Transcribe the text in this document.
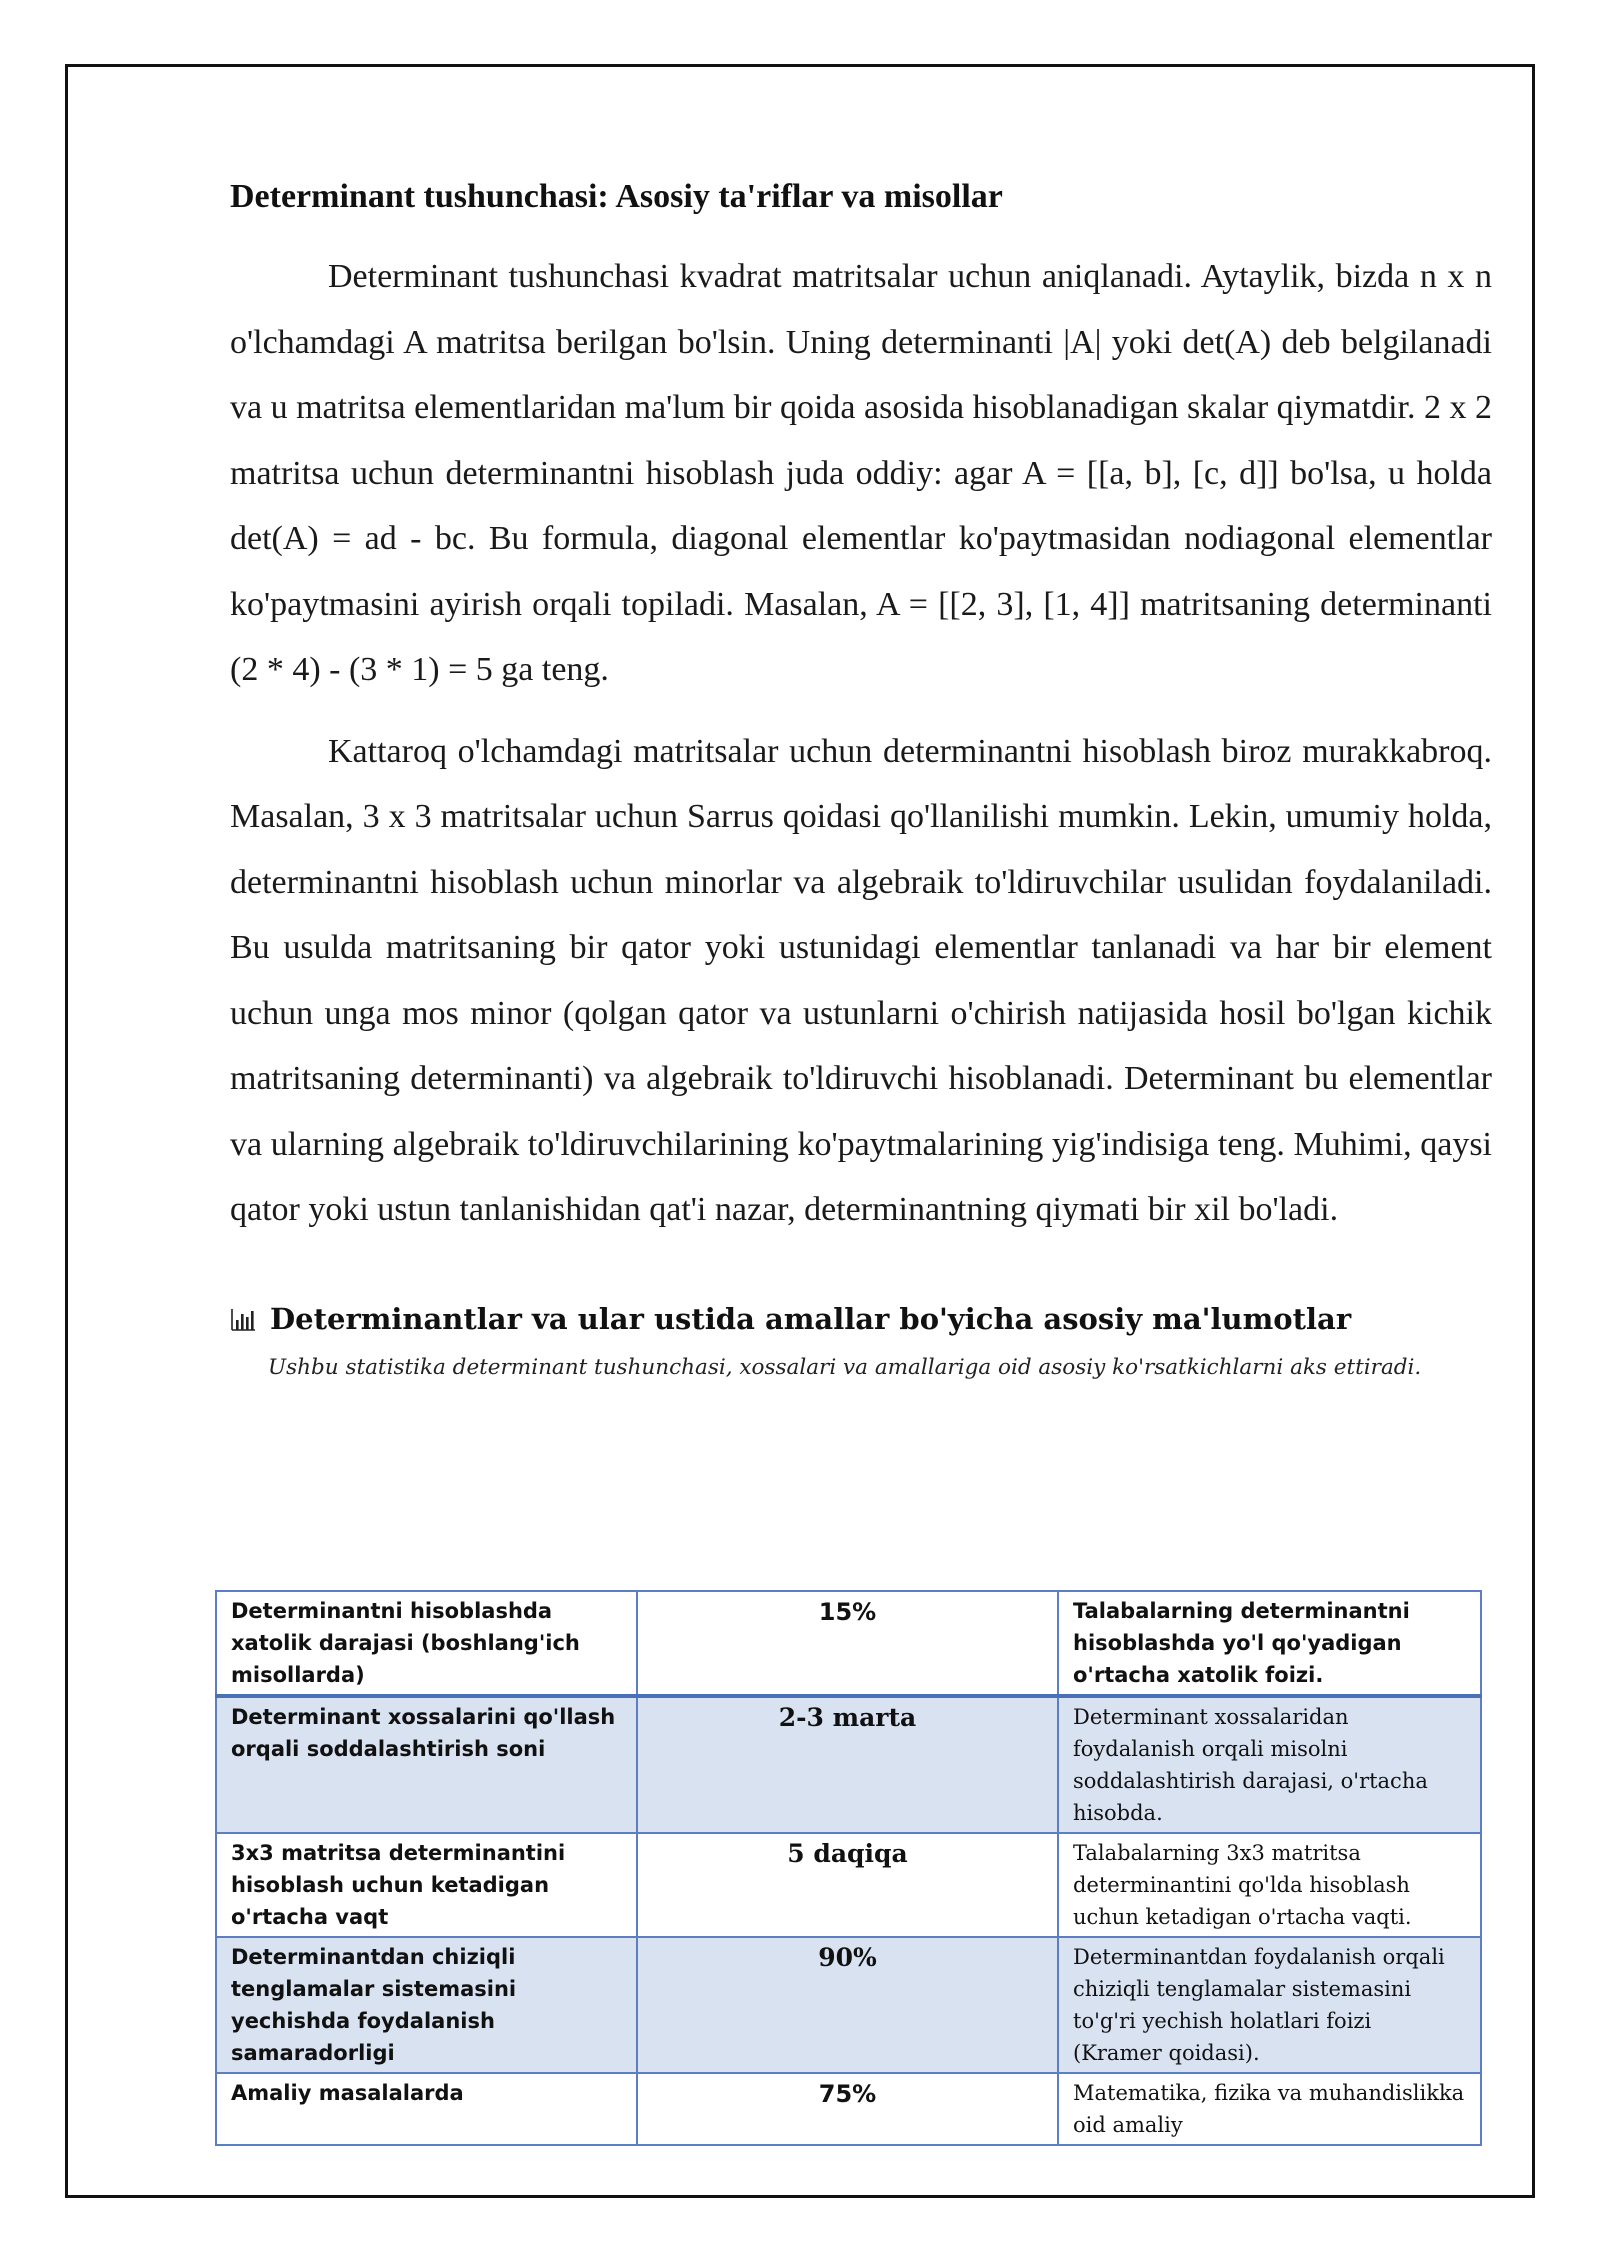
Determinant tushunchasi: Asosiy ta'riflar va misollar

Determinant tushunchasi kvadrat matritsalar uchun aniqlanadi. Aytaylik, bizda n x n o'lchamdagi A matritsa berilgan bo'lsin. Uning determinanti |A| yoki det(A) deb belgilanadi va u matritsa elementlaridan ma'lum bir qoida asosida hisoblanadigan skalar qiymatdir. 2 x 2 matritsa uchun determinantni hisoblash juda oddiy: agar A = [[a, b], [c, d]] bo'lsa, u holda det(A) = ad - bc. Bu formula, diagonal elementlar ko'paytmasidan nodiagonal elementlar ko'paytmasini ayirish orqali topiladi. Masalan, A = [[2, 3], [1, 4]] matritsaning determinanti (2 * 4) - (3 * 1) = 5 ga teng.

Kattaroq o'lchamdagi matritsalar uchun determinantni hisoblash biroz murakkabroq. Masalan, 3 x 3 matritsalar uchun Sarrus qoidasi qo'llanilishi mumkin. Lekin, umumiy holda, determinantni hisoblash uchun minorlar va algebraik to'ldiruvchilar usulidan foydalaniladi. Bu usulda matritsaning bir qator yoki ustunidagi elementlar tanlanadi va har bir element uchun unga mos minor (qolgan qator va ustunlarni o'chirish natijasida hosil bo'lgan kichik matritsaning determinanti) va algebraik to'ldiruvchi hisoblanadi. Determinant bu elementlar va ularning algebraik to'ldiruvchilarining ko'paytmalarining yig'indisiga teng. Muhimi, qaysi qator yoki ustun tanlanishidan qat'i nazar, determinantning qiymati bir xil bo'ladi.

Determinantlar va ular ustida amallar bo'yicha asosiy ma'lumotlar
Ushbu statistika determinant tushunchasi, xossalari va amallariga oid asosiy ko'rsatkichlarni aks ettiradi.
Determinantni hisoblashda xatolik darajasi (boshlang'ich misollarda)	15%	Talabalarning determinantni hisoblashda yo'l qo'yadigan o'rtacha xatolik foizi.
Determinant xossalarini qo'llash orqali soddalashtirish soni	2-3 marta	Determinant xossalaridan foydalanish orqali misolni soddalashtirish darajasi, o'rtacha hisobda.
3x3 matritsa determinantini hisoblash uchun ketadigan o'rtacha vaqt	5 daqiqa	Talabalarning 3x3 matritsa determinantini qo'lda hisoblash uchun ketadigan o'rtacha vaqti.
Determinantdan chiziqli tenglamalar sistemasini yechishda foydalanish samaradorligi	90%	Determinantdan foydalanish orqali chiziqli tenglamalar sistemasini to'g'ri yechish holatlari foizi (Kramer qoidasi).
Amaliy masalalarda	75%	Matematika, fizika va muhandislikka oid amaliy
